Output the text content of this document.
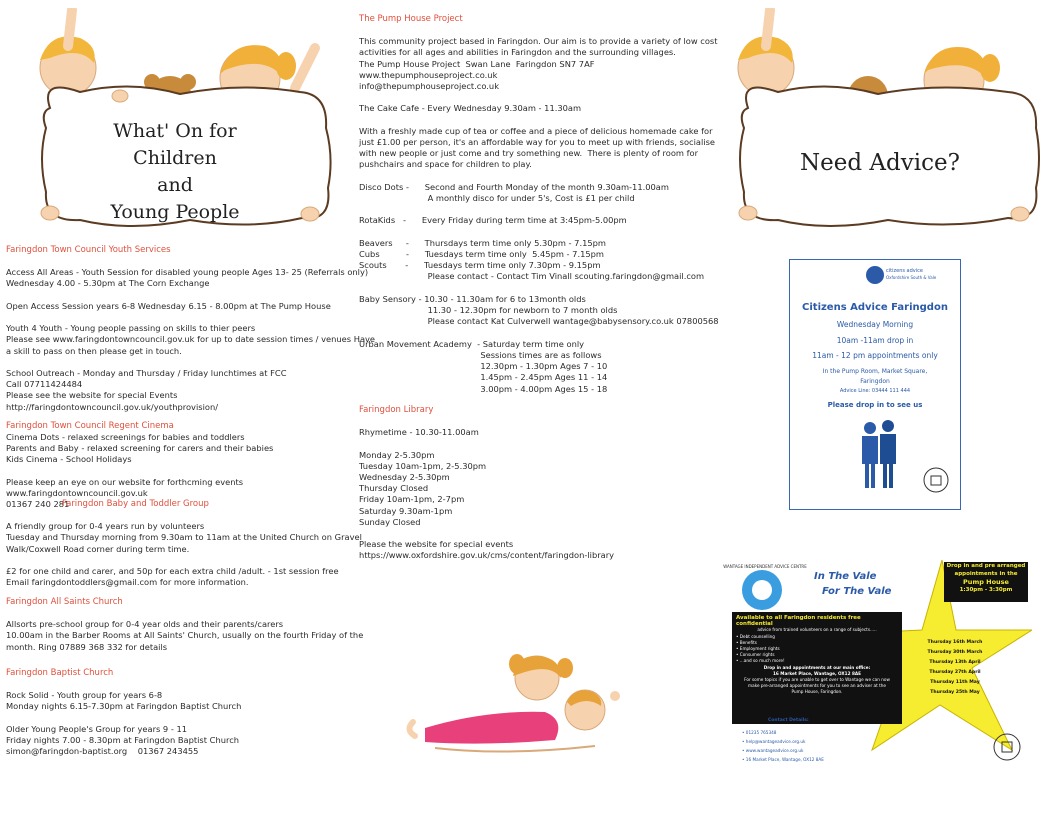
What' On for
Children
and
Young People

Faringdon Town Council Youth Services

Access All Areas - Youth Session for disabled young people Ages 13- 25 (Referrals only)
Wednesday 4.00 - 5.30pm at The Corn Exchange

Open Access Session years 6-8 Wednesday 6.15 - 8.00pm at The Pump House

Youth 4 Youth - Young people passing on skills to thier peers
Please see www.faringdontowncouncil.gov.uk for up to date session times / venues Have
a skill to pass on then please get in touch.

School Outreach - Monday and Thursday / Friday lunchtimes at FCC
Call 07711424484
Please see the website for special Events
http://faringdontowncouncil.gov.uk/youthprovision/

Faringdon Town Council Regent Cinema

Cinema Dots - relaxed screenings for babies and toddlers
Parents and Baby - relaxed screening for carers and their babies
Kids Cinema - School Holidays

Please keep an eye on our website for forthcming events
www.faringdontowncouncil.gov.uk
01367 240 281

Faringdon Baby and Toddler Group

A friendly group for 0-4 years run by volunteers
Tuesday and Thursday morning from 9.30am to 11am at the United Church on Gravel
Walk/Coxwell Road corner during term time.

£2 for one child and carer, and 50p for each extra child /adult. - 1st session free
Email faringdontoddlers@gmail.com for more information.

Faringdon All Saints Church

Allsorts pre-school group for 0-4 year olds and their parents/carers
10.00am in the Barber Rooms at All Saints' Church, usually on the fourth Friday of the
month. Ring 07889 368 332 for details

Faringdon Baptist Church

Rock Solid - Youth group for years 6-8
Monday nights 6.15-7.30pm at Faringdon Baptist Church

Older Young People's Group for years 9 - 11
Friday nights 7.00 - 8.30pm at Faringdon Baptist Church
simon@faringdon-baptist.org    01367 243455

The Pump House Project

This community project based in Faringdon. Our aim is to provide a variety of low cost
activities for all ages and abilities in Faringdon and the surrounding villages.
The Pump House Project  Swan Lane  Faringdon SN7 7AF
www.thepumphouseproject.co.uk
info@thepumphouseproject.co.uk

The Cake Cafe - Every Wednesday 9.30am - 11.30am

With a freshly made cup of tea or coffee and a piece of delicious homemade cake for
just £1.00 per person, it's an affordable way for you to meet up with friends, socialise
with new people or just come and try something new.  There is plenty of room for
pushchairs and space for children to play.

Disco Dots -      Second and Fourth Monday of the month 9.30am-11.00am
A monthly disco for under 5's, Cost is £1 per child

RotaKids   -      Every Friday during term time at 3:45pm-5.00pm

Beavers     -      Thursdays term time only 5.30pm - 7.15pm
Cubs          -      Tuesdays term time only  5.45pm - 7.15pm
Scouts       -      Tuesdays term time only 7.30pm - 9.15pm
Please contact - Contact Tim Vinall scouting.faringdon@gmail.com

Baby Sensory - 10.30 - 11.30am for 6 to 13month olds
11.30 - 12.30pm for newborn to 7 month olds
Please contact Kat Culverwell wantage@babysensory.co.uk 07800568

Urban Movement Academy  - Saturday term time only
Sessions times are as follows
12.30pm - 1.30pm Ages 7 - 10
1.45pm - 2.45pm Ages 11 - 14
3.00pm - 4.00pm Ages 15 - 18

Faringdon Library

Rhymetime - 10.30-11.00am

Monday 2-5.30pm
Tuesday 10am-1pm, 2-5.30pm
Wednesday 2-5.30pm
Thursday Closed
Friday 10am-1pm, 2-7pm
Saturday 9.30am-1pm
Sunday Closed

Please the website for special events
https://www.oxfordshire.gov.uk/cms/content/faringdon-library
Need Advice?
citizens advice
Oxfordshire South & Vale
Citizens Advice Faringdon
Wednesday Morning
10am -11am drop in
11am - 12 pm appointments only
In the Pump Room, Market Square,
Faringdon
Advice Line: 03444 111 444
Please drop in to see us
WANTAGE INDEPENDENT ADVICE CENTRE
In The Vale
For The Vale
Drop in and pre arranged
appointments in the
Pump House
1:30pm - 3:30pm
Available to all Faringdon residents free confidential
advice from trained volunteers on a range of subjects.....
• Debt counselling
• Benefits
• Employment rights
• Consumer rights
• ...and so much more!
Drop in and appointments at our main office:
16 Market Place, Wantage, OX12 8AE
For some topics if you are unable to get over to Wantage we can now
make pre-arranged appointments for you to see an adviser at the
Pump House, Faringdon.
Thursday 16th March
Thursday 30th March
Thursday 13th April
Thursday 27th April
Thursday 11th May
Thursday 25th May
Contact Details:
• 01235 765348
• help@wantageadvice.org.uk
• www.wantageadvice.org.uk
• 16 Market Place, Wantage, OX12 8AE
